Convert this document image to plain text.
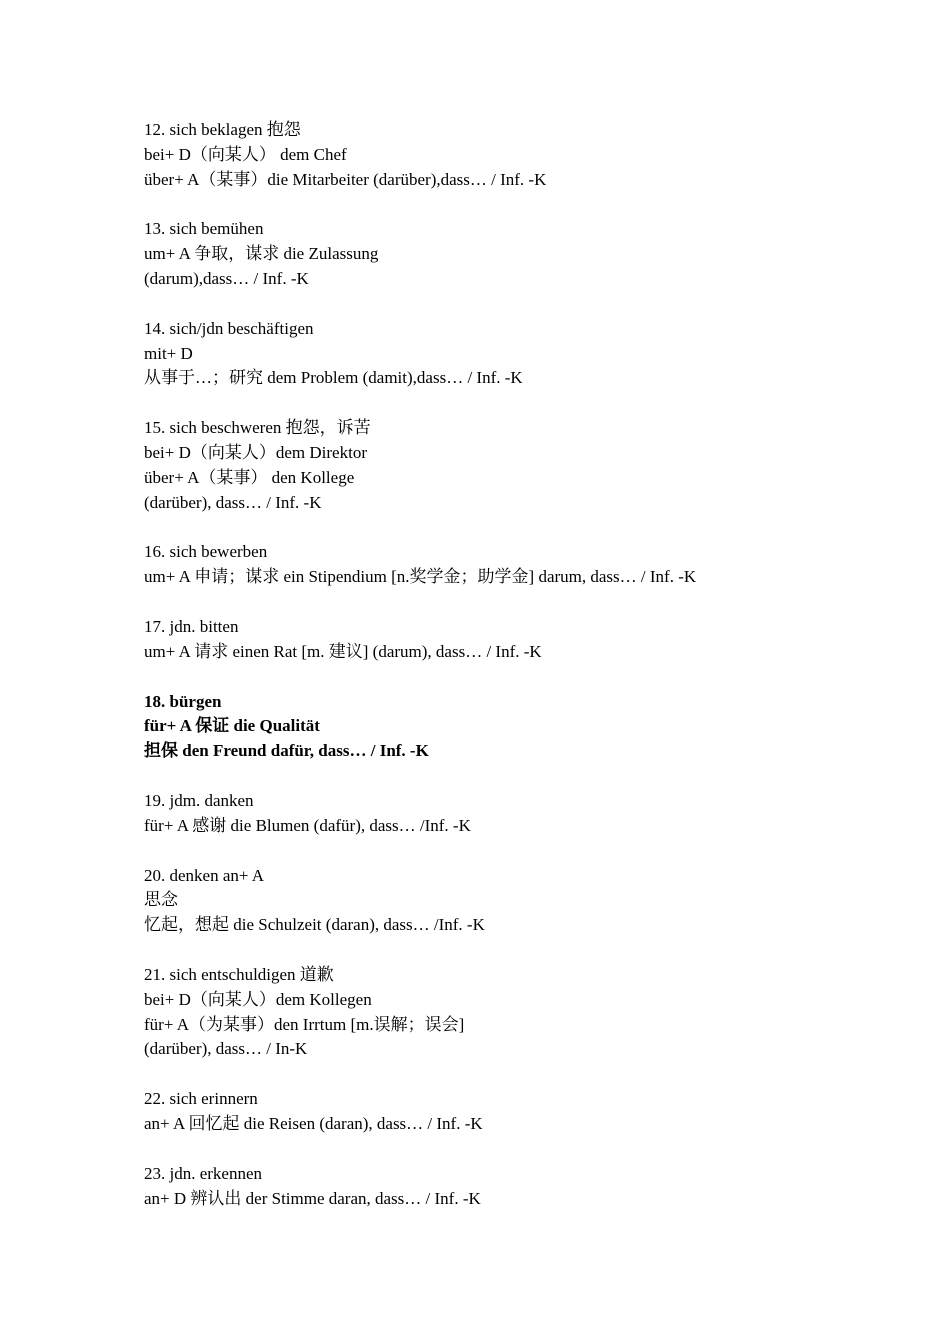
12. sich beklagen 抱怨
bei+ D（向某人） dem Chef
über+ A（某事）die Mitarbeiter (darüber),dass… / Inf. -K
13. sich bemühen
um+ A 争取，谋求 die Zulassung
(darum),dass… / Inf. -K
14. sich/jdn beschäftigen
mit+ D
从事于…；研究 dem Problem (damit),dass… / Inf. -K
15. sich beschweren 抱怨，诉苦
bei+ D（向某人）dem Direktor
über+ A（某事） den Kollege
(darüber), dass… / Inf. -K
16. sich bewerben
um+ A 申请；谋求 ein Stipendium [n.奖学金；助学金] darum, dass… / Inf. -K
17. jdn. bitten
um+ A 请求 einen Rat [m. 建议] (darum), dass… / Inf. -K
18. bürgen
für+ A 保证 die Qualität
担保 den Freund dafür, dass… / Inf. -K
19. jdm. danken
für+ A 感谢 die Blumen (dafür), dass… /Inf. -K
20. denken an+ A
思念
忆起，想起 die Schulzeit (daran), dass… /Inf. -K
21. sich entschuldigen 道歉
bei+ D（向某人）dem Kollegen
für+ A（为某事）den Irrtum [m.误解；误会]
(darüber), dass… / In-K
22. sich erinnern
an+ A 回忆起 die Reisen (daran), dass… / Inf. -K
23. jdn. erkennen
an+ D 辨认出 der Stimme daran, dass… / Inf. -K
